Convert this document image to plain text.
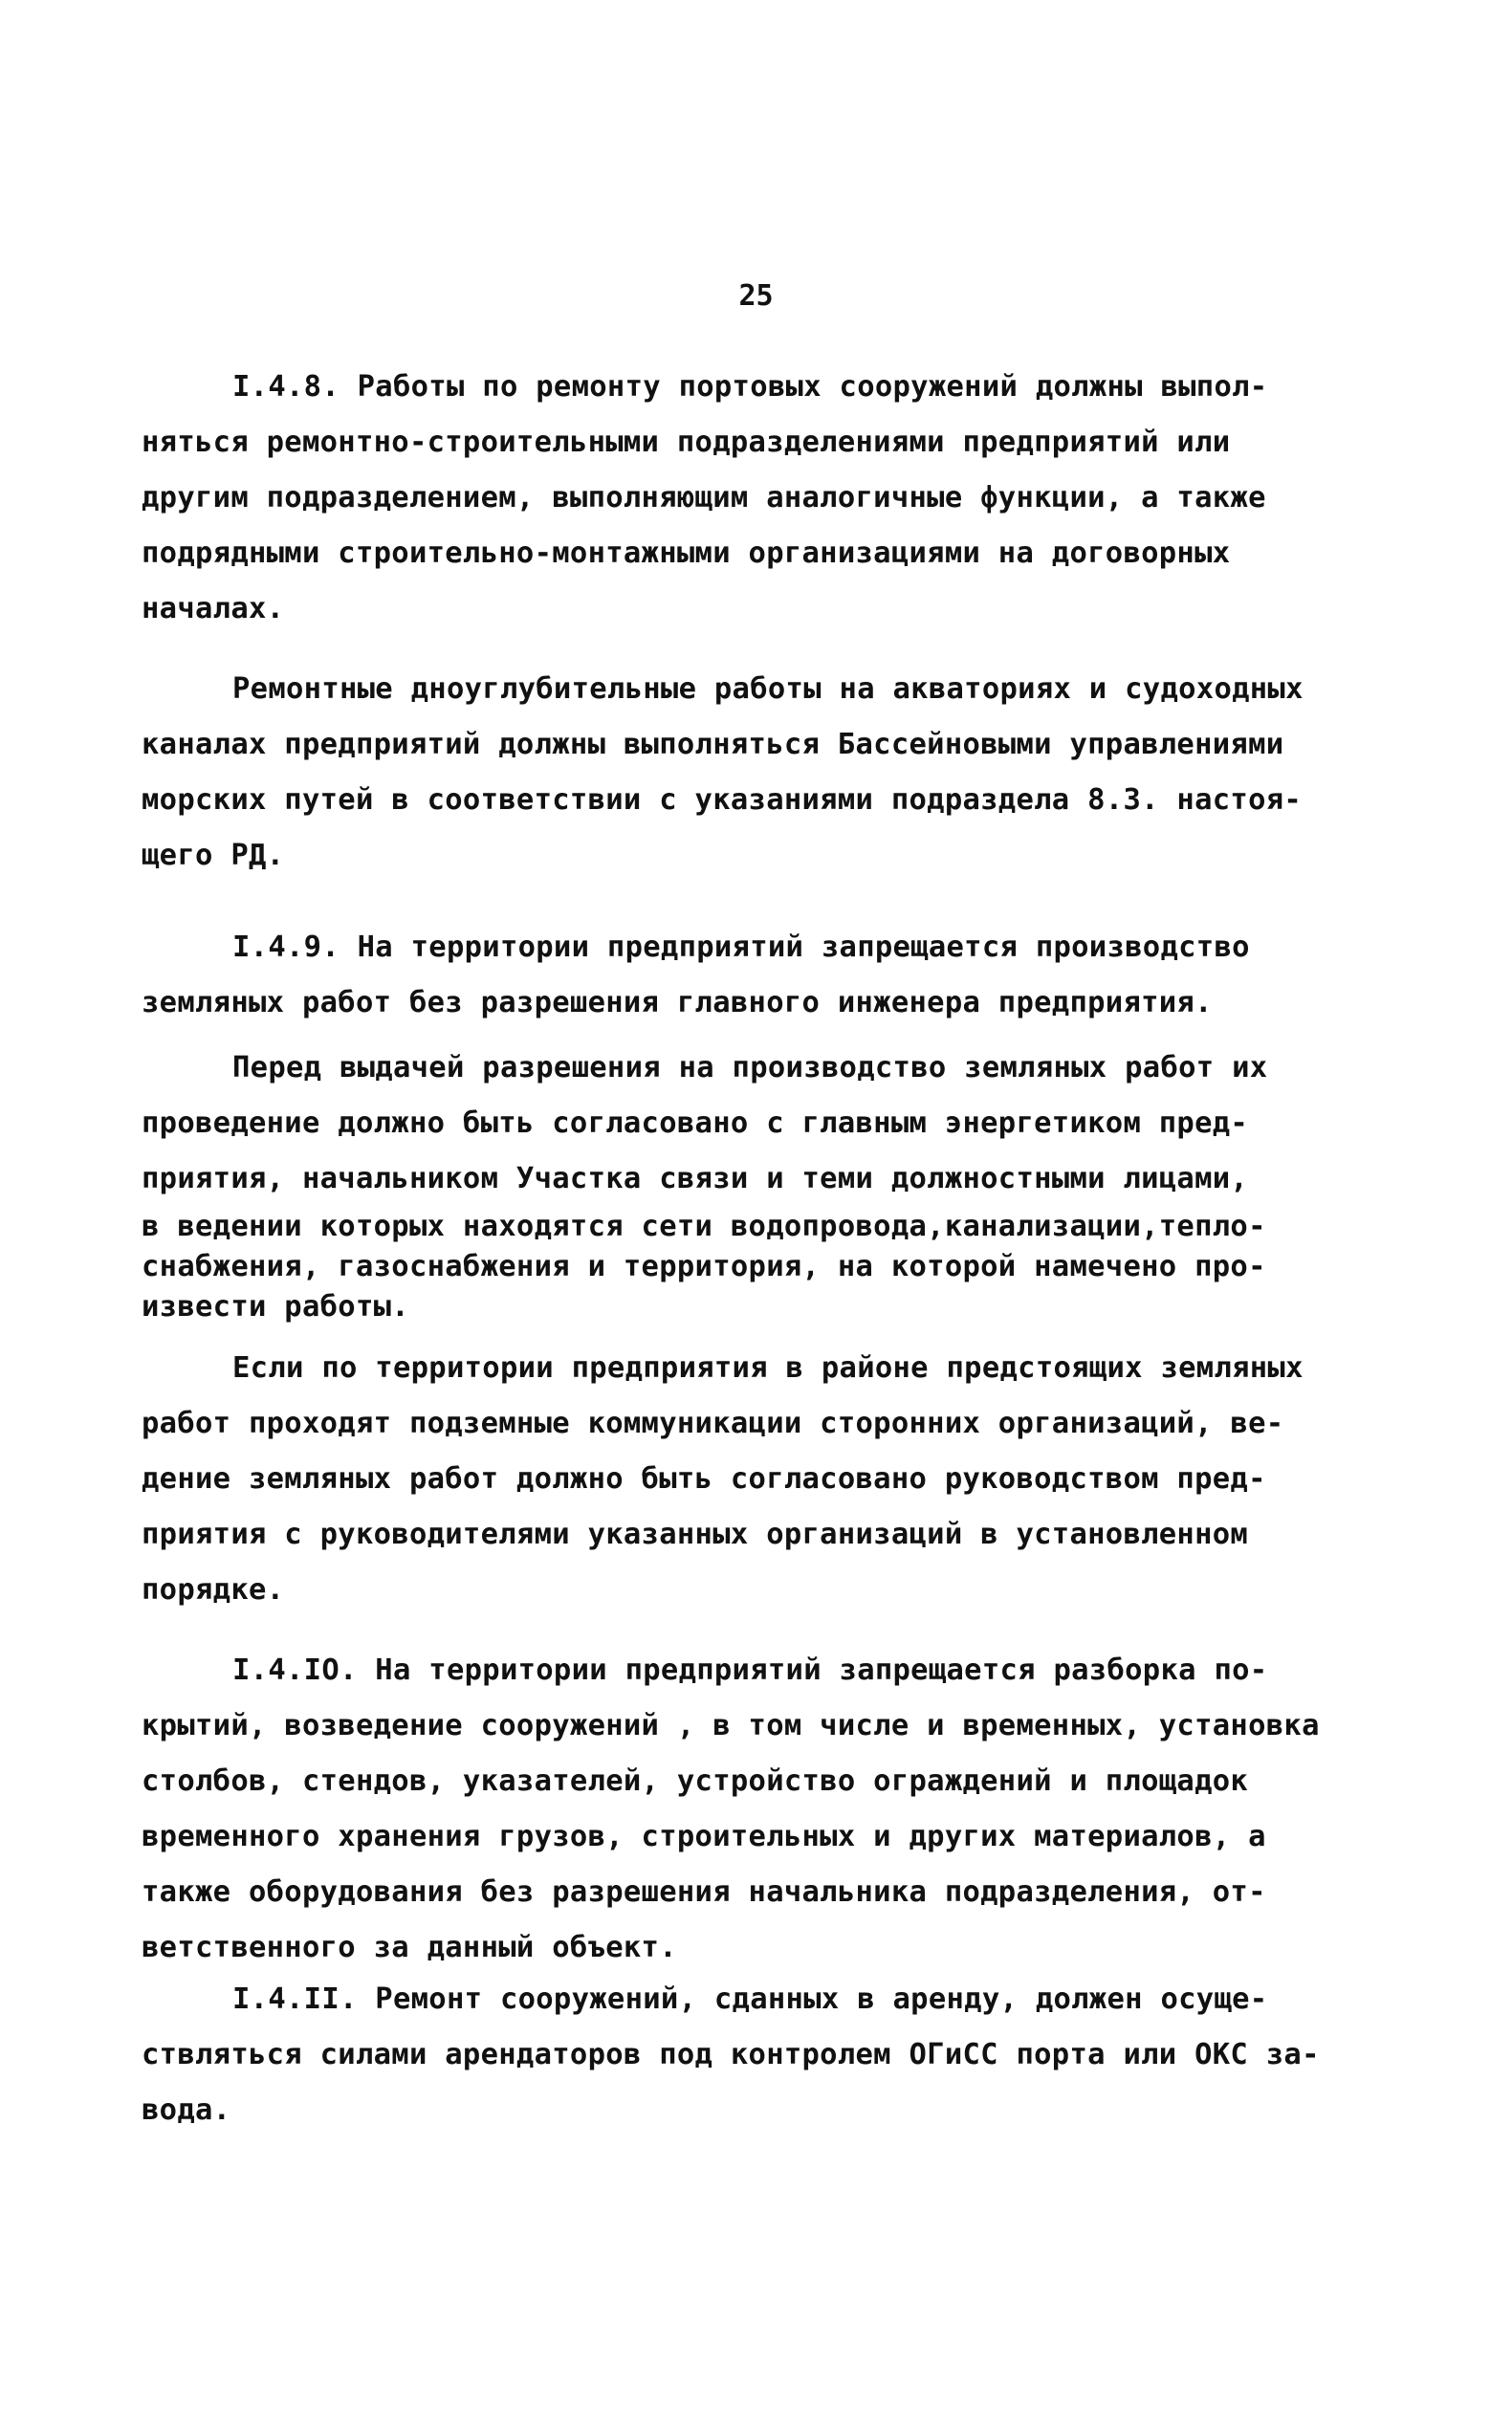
25
I.4.8. Работы по ремонту портовых сооружений должны выпол-
няться ремонтно-строительными подразделениями предприятий или
другим подразделением, выполняющим аналогичные функции, а также
подрядными строительно-монтажными организациями на договорных
началах.
Ремонтные дноуглубительные работы на акваториях и судоходных
каналах предприятий должны выполняться Бассейновыми управлениями
морских путей в соответствии с указаниями подраздела 8.3. настоя-
щего РД.
I.4.9. На территории предприятий запрещается производство
земляных работ без разрешения главного инженера предприятия.
Перед выдачей разрешения на производство земляных работ их
проведение должно быть согласовано с главным энергетиком пред-
приятия, начальником Участка связи и теми должностными лицами,
в ведении которых находятся сети водопровода,канализации,тепло-
снабжения, газоснабжения и территория, на которой намечено про-
извести работы.
Если по территории предприятия в районе предстоящих земляных
работ проходят подземные коммуникации сторонних организаций, ве-
дение земляных работ должно быть согласовано руководством пред-
приятия с руководителями указанных организаций в установленном
порядке.
I.4.IO. На территории предприятий запрещается разборка по-
крытий, возведение сооружений , в том числе и временных, установка
столбов, стендов, указателей, устройство ограждений и площадок
временного хранения грузов, строительных и других материалов, а
также оборудования без разрешения начальника подразделения, от-
ветственного за данный объект.
I.4.II. Ремонт сооружений, сданных в аренду, должен осуще-
ствляться силами арендаторов под контролем ОГиСС порта или ОКС за-
вода.
